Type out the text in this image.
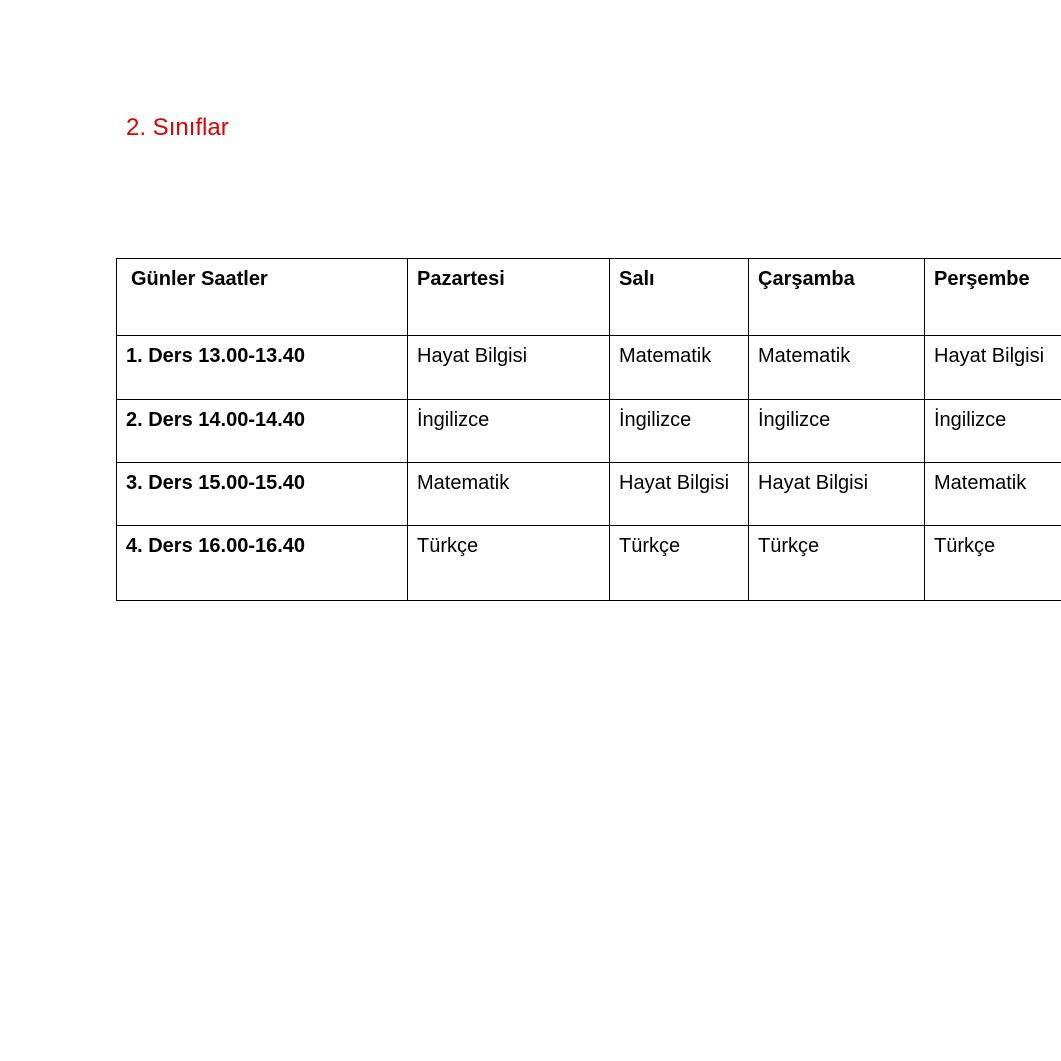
2. Sınıflar
Günler Saatler	Pazartesi	Salı	Çarşamba	Perşembe
1. Ders 13.00-13.40	Hayat Bilgisi	Matematik	Matematik	Hayat Bilgisi
2. Ders 14.00-14.40	İngilizce	İngilizce	İngilizce	İngilizce
3. Ders 15.00-15.40	Matematik	Hayat Bilgisi	Hayat Bilgisi	Matematik
4. Ders 16.00-16.40	Türkçe	Türkçe	Türkçe	Türkçe
